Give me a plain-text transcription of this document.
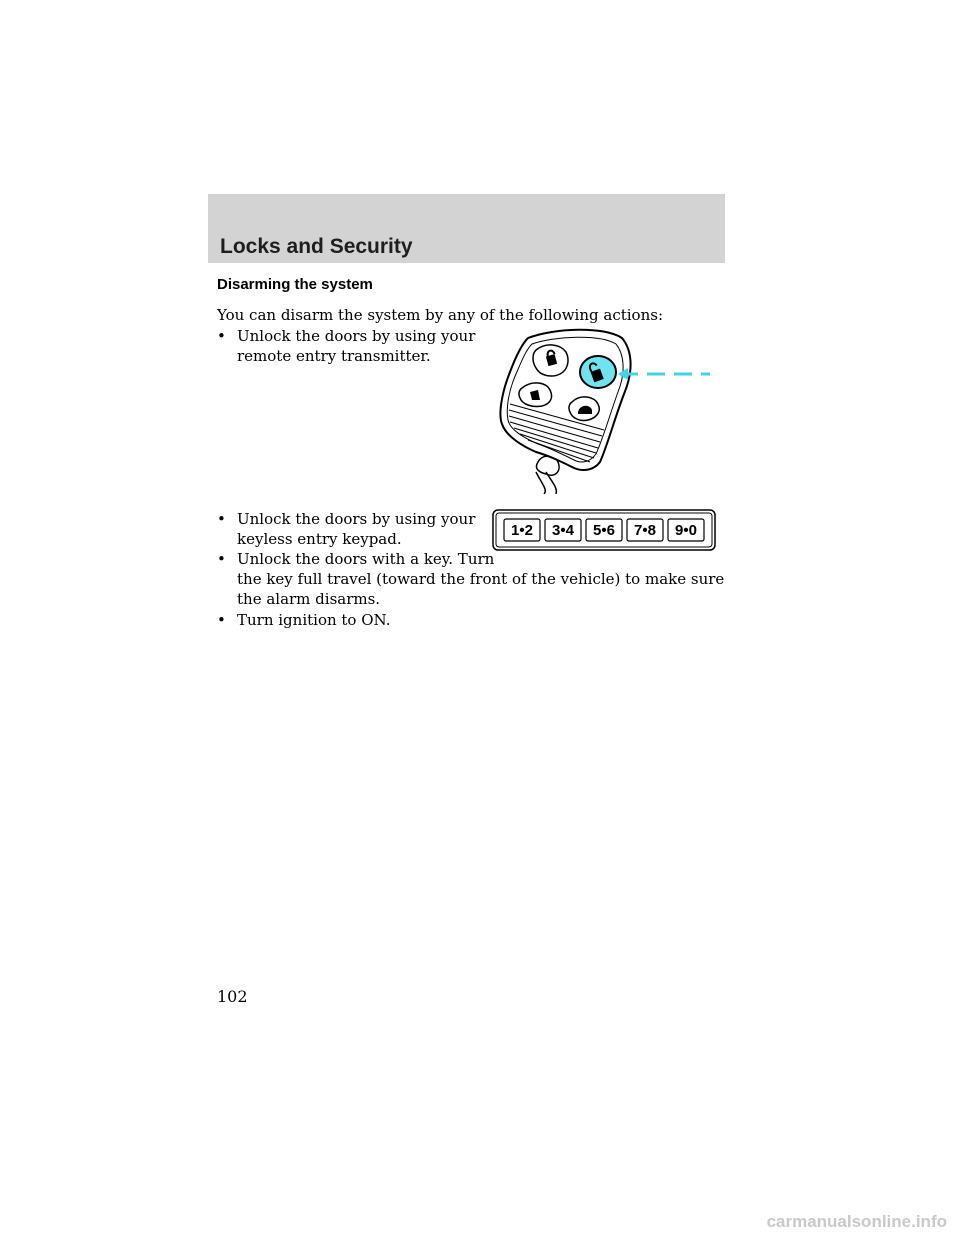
Locks and Security
Disarming the system
You can disarm the system by any of the following actions:
• Unlock the doors by using your remote entry transmitter.
• Unlock the doors by using your keyless entry keypad.	1•2 3•4 5•6 7•8 9•0
• Unlock the doors with a key. Turn
the key full travel (toward the front of the vehicle) to make sure the alarm disarms.
• Turn ignition to ON.
102
carmanualsonline.info
